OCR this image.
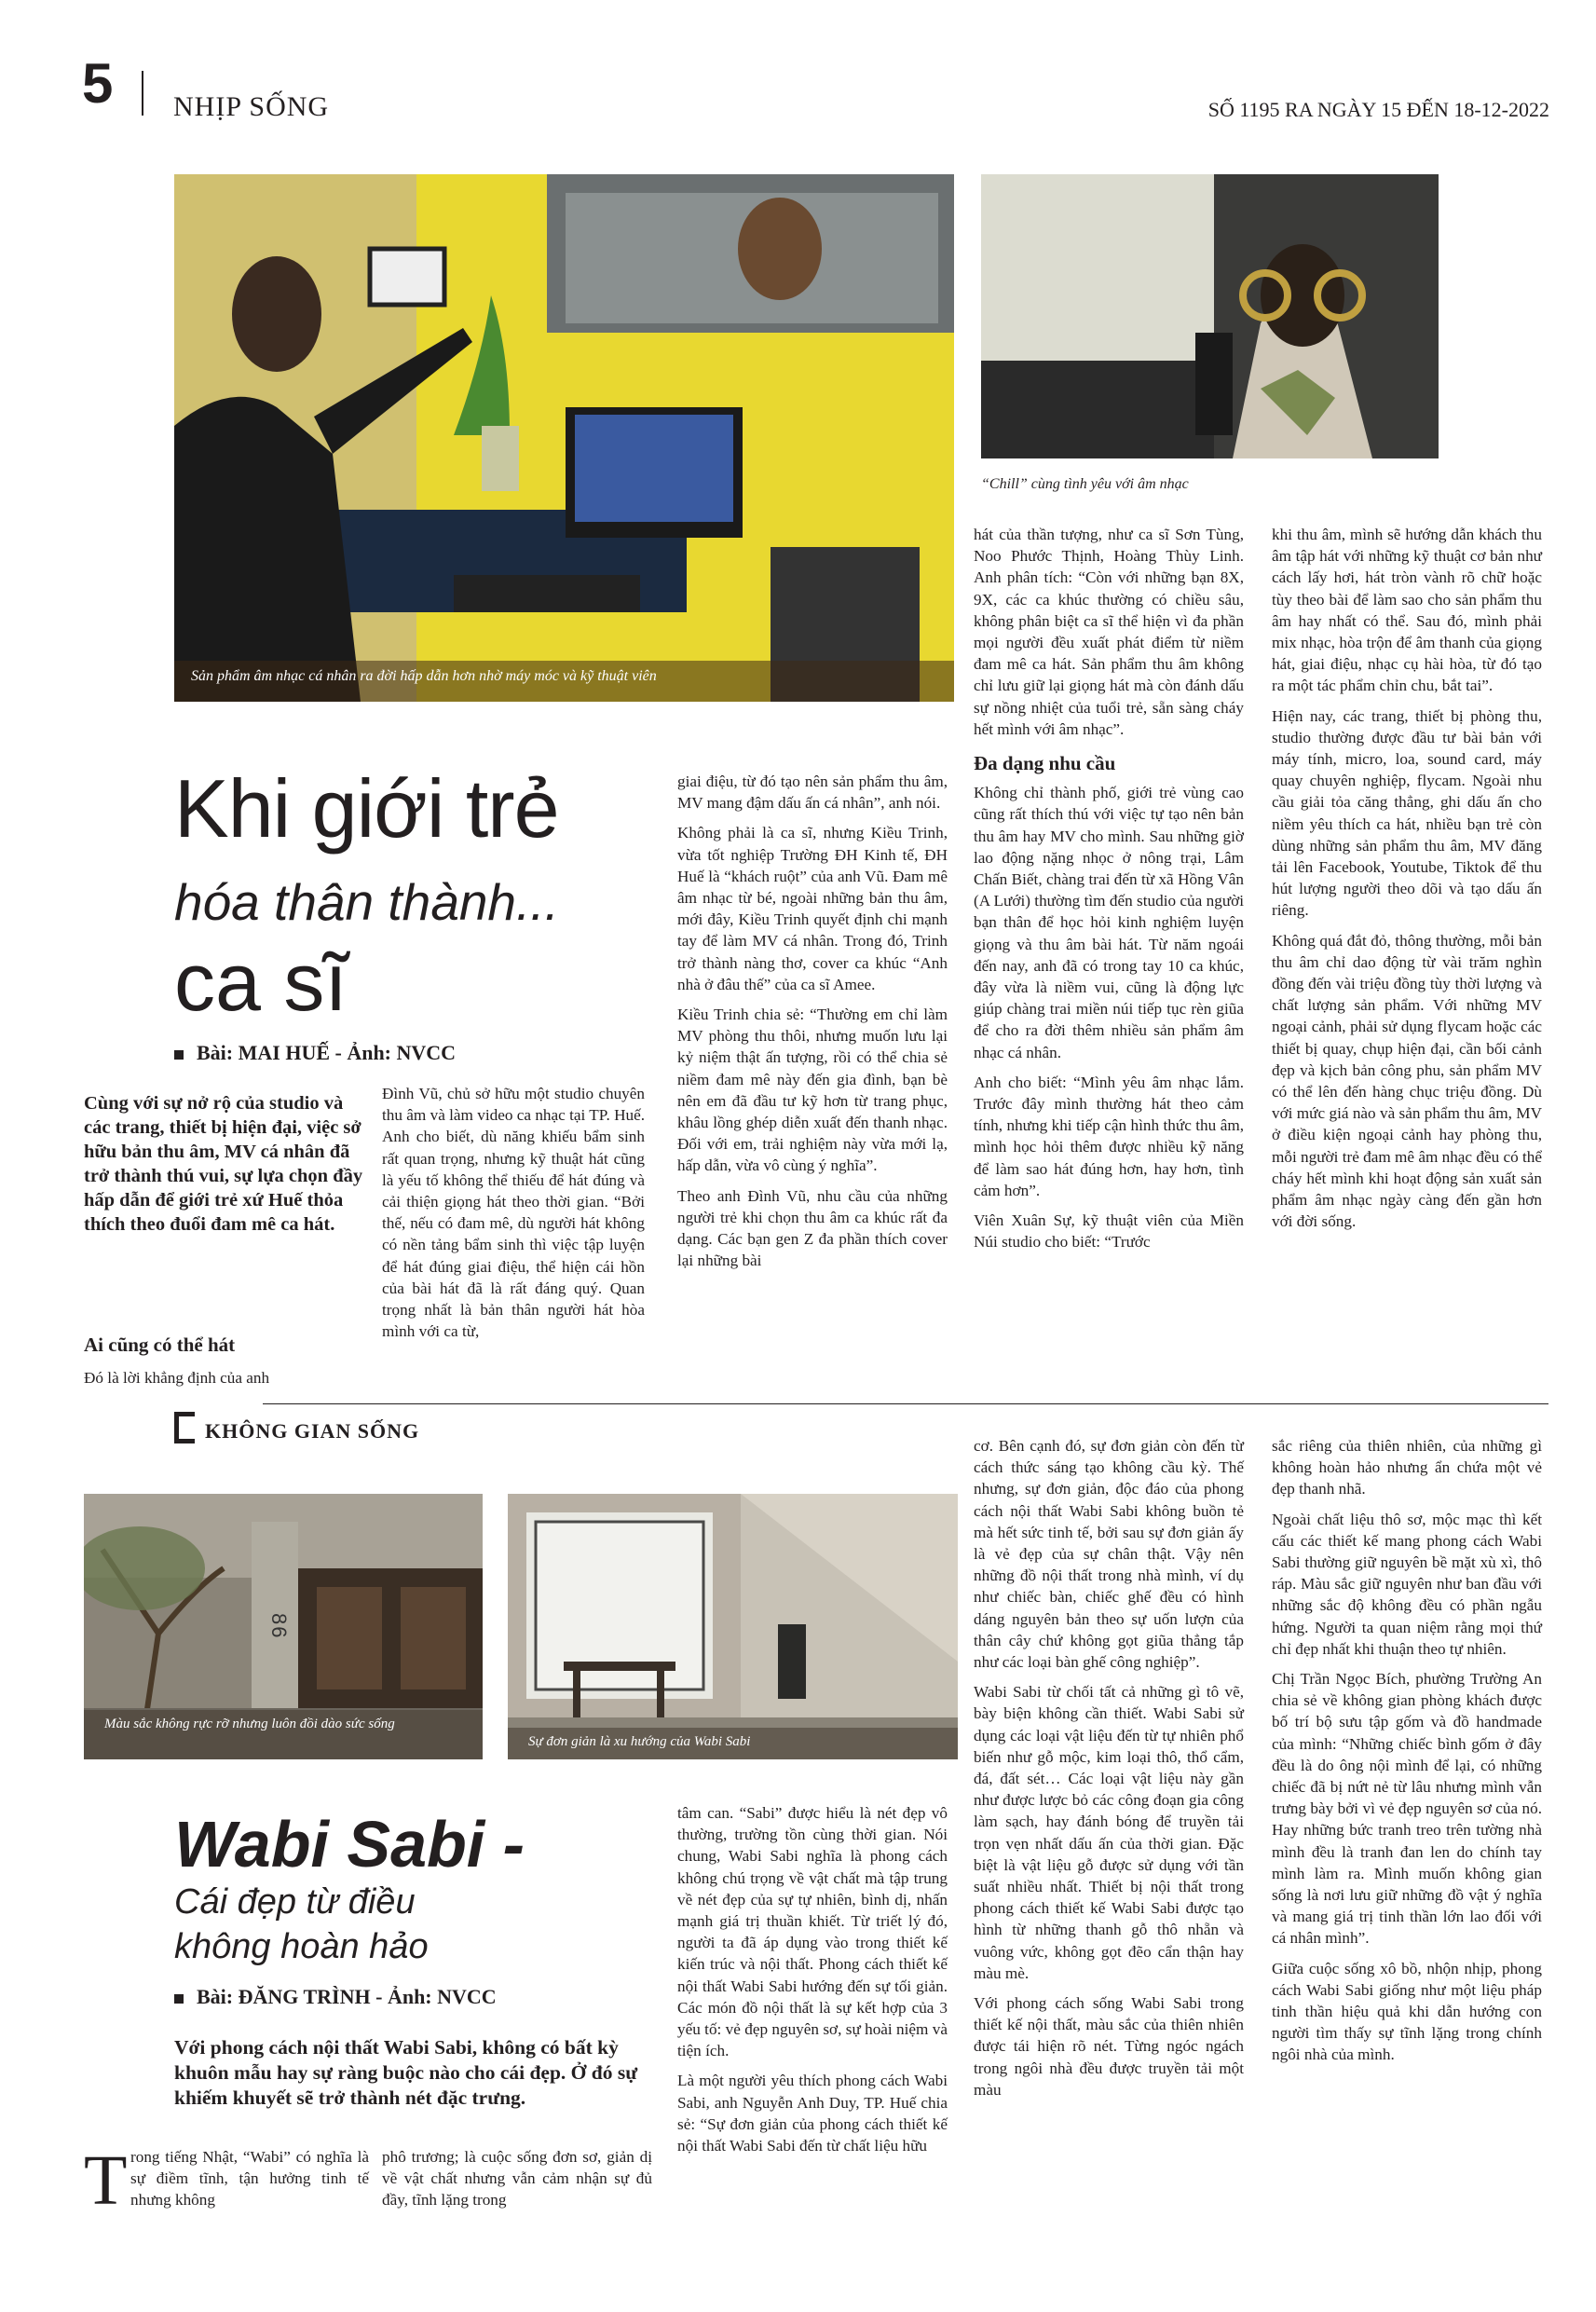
5 NHỊP SỐNG	SỐ 1195 RA NGÀY 15 ĐẾN 18-12-2022
Sản phẩm âm nhạc cá nhân ra đời hấp dẫn hơn nhờ máy móc và kỹ thuật viên
“Chill” cùng tình yêu với âm nhạc
Khi giới trẻ
hóa thân thành...
ca sĩ
Bài: MAI HUẾ - Ảnh: NVCC
Cùng với sự nở rộ của studio và các trang, thiết bị hiện đại, việc sở hữu bản thu âm, MV cá nhân đã trở thành thú vui, sự lựa chọn đầy hấp dẫn để giới trẻ xứ Huế thỏa thích theo đuổi đam mê ca hát.
Ai cũng có thể hát

Đó là lời khẳng định của anh

Đình Vũ, chủ sở hữu một studio chuyên thu âm và làm video ca nhạc tại TP. Huế. Anh cho biết, dù năng khiếu bẩm sinh rất quan trọng, nhưng kỹ thuật hát cũng là yếu tố không thể thiếu để hát đúng và cải thiện giọng hát theo thời gian. “Bởi thế, nếu có đam mê, dù người hát không có nền tảng bẩm sinh thì việc tập luyện để hát đúng giai điệu, thể hiện cái hồn của bài hát đã là rất đáng quý. Quan trọng nhất là bản thân người hát hòa mình với ca từ,

giai điệu, từ đó tạo nên sản phẩm thu âm, MV mang đậm dấu ấn cá nhân”, anh nói.

Không phải là ca sĩ, nhưng Kiều Trinh, vừa tốt nghiệp Trường ĐH Kinh tế, ĐH Huế là “khách ruột” của anh Vũ. Đam mê âm nhạc từ bé, ngoài những bản thu âm, mới đây, Kiều Trinh quyết định chi mạnh tay để làm MV cá nhân. Trong đó, Trinh trở thành nàng thơ, cover ca khúc “Anh nhà ở đâu thế” của ca sĩ Amee.

Kiều Trinh chia sẻ: “Thường em chỉ làm MV phòng thu thôi, nhưng muốn lưu lại kỷ niệm thật ấn tượng, rồi có thể chia sẻ niềm đam mê này đến gia đình, bạn bè nên em đã đầu tư kỹ hơn từ trang phục, khâu lồng ghép diễn xuất đến thanh nhạc. Đối với em, trải nghiệm này vừa mới lạ, hấp dẫn, vừa vô cùng ý nghĩa”.

Theo anh Đình Vũ, nhu cầu của những người trẻ khi chọn thu âm ca khúc rất đa dạng. Các bạn gen Z đa phần thích cover lại những bài

hát của thần tượng, như ca sĩ Sơn Tùng, Noo Phước Thịnh, Hoàng Thùy Linh. Anh phân tích: “Còn với những bạn 8X, 9X, các ca khúc thường có chiều sâu, không phân biệt ca sĩ thể hiện vì đa phần mọi người đều xuất phát điểm từ niềm đam mê ca hát. Sản phẩm thu âm không chỉ lưu giữ lại giọng hát mà còn đánh dấu sự nồng nhiệt của tuổi trẻ, sẵn sàng cháy hết mình với âm nhạc”.

Đa dạng nhu cầu

Không chỉ thành phố, giới trẻ vùng cao cũng rất thích thú với việc tự tạo nên bản thu âm hay MV cho mình. Sau những giờ lao động nặng nhọc ở nông trại, Lâm Chấn Biết, chàng trai đến từ xã Hồng Vân (A Lưới) thường tìm đến studio của người bạn thân để học hỏi kinh nghiệm luyện giọng và thu âm bài hát. Từ năm ngoái đến nay, anh đã có trong tay 10 ca khúc, đây vừa là niềm vui, cũng là động lực giúp chàng trai miền núi tiếp tục rèn giũa để cho ra đời thêm nhiều sản phẩm âm nhạc cá nhân.

Anh cho biết: “Mình yêu âm nhạc lắm. Trước đây mình thường hát theo cảm tính, nhưng khi tiếp cận hình thức thu âm, mình học hỏi thêm được nhiều kỹ năng để làm sao hát đúng hơn, hay hơn, tình cảm hơn”.

Viên Xuân Sự, kỹ thuật viên của Miền Núi studio cho biết: “Trước

khi thu âm, mình sẽ hướng dẫn khách thu âm tập hát với những kỹ thuật cơ bản như cách lấy hơi, hát tròn vành rõ chữ hoặc tùy theo bài để làm sao cho sản phẩm thu âm hay nhất có thể. Sau đó, mình phải mix nhạc, hòa trộn để âm thanh của giọng hát, giai điệu, nhạc cụ hài hòa, từ đó tạo ra một tác phẩm chỉn chu, bắt tai”.

Hiện nay, các trang, thiết bị phòng thu, studio thường được đầu tư bài bản với máy tính, micro, loa, sound card, máy quay chuyên nghiệp, flycam. Ngoài nhu cầu giải tỏa căng thẳng, ghi dấu ấn cho niềm yêu thích ca hát, nhiều bạn trẻ còn dùng những sản phẩm thu âm, MV đăng tải lên Facebook, Youtube, Tiktok để thu hút lượng người theo dõi và tạo dấu ấn riêng.

Không quá đắt đỏ, thông thường, mỗi bản thu âm chỉ dao động từ vài trăm nghìn đồng đến vài triệu đồng tùy thời lượng và chất lượng sản phẩm. Với những MV ngoại cảnh, phải sử dụng flycam hoặc các thiết bị quay, chụp hiện đại, cần bối cảnh đẹp và kịch bản công phu, sản phẩm MV có thể lên đến hàng chục triệu đồng. Dù với mức giá nào và sản phẩm thu âm, MV ở điều kiện ngoại cảnh hay phòng thu, mỗi người trẻ đam mê âm nhạc đều có thể cháy hết mình khi hoạt động sản xuất sản phẩm âm nhạc ngày càng đến gần hơn với đời sống.

KHÔNG GIAN SỐNG
86
Màu sắc không rực rỡ nhưng luôn đồi dào sức sống
Sự đơn giản là xu hướng của Wabi Sabi
Wabi Sabi -
Cái đẹp từ điều
không hoàn hảo
Bài: ĐĂNG TRÌNH - Ảnh: NVCC
Với phong cách nội thất Wabi Sabi, không có bất kỳ khuôn mẫu hay sự ràng buộc nào cho cái đẹp. Ở đó sự khiếm khuyết sẽ trở thành nét đặc trưng.
T rong tiếng Nhật, “Wabi” có nghĩa là sự điềm tĩnh, tận hưởng tinh tế nhưng không

phô trương; là cuộc sống đơn sơ, giản dị về vật chất nhưng vẫn cảm nhận sự đủ đầy, tĩnh lặng trong

tâm can. “Sabi” được hiểu là nét đẹp vô thường, trường tồn cùng thời gian. Nói chung, Wabi Sabi nghĩa là phong cách không chú trọng về vật chất mà tập trung về nét đẹp của sự tự nhiên, bình dị, nhấn mạnh giá trị thuần khiết. Từ triết lý đó, người ta đã áp dụng vào trong thiết kế kiến trúc và nội thất. Phong cách thiết kế nội thất Wabi Sabi hướng đến sự tối giản. Các món đồ nội thất là sự kết hợp của 3 yếu tố: vẻ đẹp nguyên sơ, sự hoài niệm và tiện ích.

Là một người yêu thích phong cách Wabi Sabi, anh Nguyễn Anh Duy, TP. Huế chia sẻ: “Sự đơn giản của phong cách thiết kế nội thất Wabi Sabi đến từ chất liệu hữu

cơ. Bên cạnh đó, sự đơn giản còn đến từ cách thức sáng tạo không cầu kỳ. Thế nhưng, sự đơn giản, độc đáo của phong cách nội thất Wabi Sabi không buồn tẻ mà hết sức tinh tế, bởi sau sự đơn giản ấy là vẻ đẹp của sự chân thật. Vậy nên những đồ nội thất trong nhà mình, ví dụ như chiếc bàn, chiếc ghế đều có hình dáng nguyên bản theo sự uốn lượn của thân cây chứ không gọt giũa thẳng tắp như các loại bàn ghế công nghiệp”.

Wabi Sabi từ chối tất cả những gì tô vẽ, bày biện không cần thiết. Wabi Sabi sử dụng các loại vật liệu đến từ tự nhiên phổ biến như gỗ mộc, kim loại thô, thổ cẩm, đá, đất sét… Các loại vật liệu này gần như được lược bỏ các công đoạn gia công làm sạch, hay đánh bóng để truyền tải trọn vẹn nhất dấu ấn của thời gian. Đặc biệt là vật liệu gỗ được sử dụng với tần suất nhiều nhất. Thiết bị nội thất trong phong cách thiết kế Wabi Sabi được tạo hình từ những thanh gỗ thô nhẵn và vuông vức, không gọt đẽo cẩn thận hay màu mè.

Với phong cách sống Wabi Sabi trong thiết kế nội thất, màu sắc của thiên nhiên được tái hiện rõ nét. Từng ngóc ngách trong ngôi nhà đều được truyền tải một màu

sắc riêng của thiên nhiên, của những gì không hoàn hảo nhưng ẩn chứa một vẻ đẹp thanh nhã.

Ngoài chất liệu thô sơ, mộc mạc thì kết cấu các thiết kế mang phong cách Wabi Sabi thường giữ nguyên bề mặt xù xì, thô ráp. Màu sắc giữ nguyên như ban đầu với những sắc độ không đều có phần ngẫu hứng. Người ta quan niệm rằng mọi thứ chỉ đẹp nhất khi thuận theo tự nhiên.

Chị Trần Ngọc Bích, phường Trường An chia sẻ về không gian phòng khách được bố trí bộ sưu tập gốm và đồ handmade của mình: “Những chiếc bình gốm ở đây đều là do ông nội mình để lại, có những chiếc đã bị nứt nẻ từ lâu nhưng mình vẫn trưng bày bởi vì vẻ đẹp nguyên sơ của nó. Hay những bức tranh treo trên tường nhà mình đều là tranh đan len do chính tay mình làm ra. Mình muốn không gian sống là nơi lưu giữ những đồ vật ý nghĩa và mang giá trị tinh thần lớn lao đối với cá nhân mình”.

Giữa cuộc sống xô bồ, nhộn nhịp, phong cách Wabi Sabi giống như một liệu pháp tinh thần hiệu quả khi dẫn hướng con người tìm thấy sự tĩnh lặng trong chính ngôi nhà của mình.
